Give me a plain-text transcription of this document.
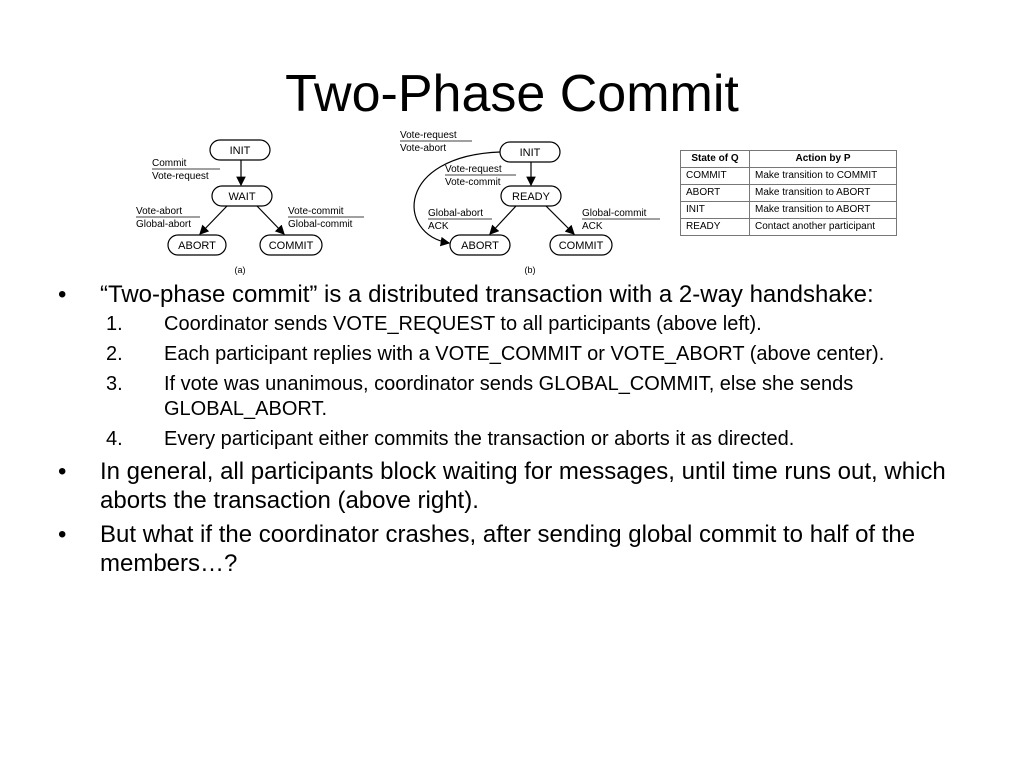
Two-Phase Commit
INIT
WAIT
ABORT	COMMIT
Commit
Vote-request
Vote-abort
Global-abort
Vote-commit
Global-commit
(a)
INIT
READY
ABORT	COMMIT
Vote-request
Vote-abort
Vote-request
Vote-commit
Global-abort
ACK
Global-commit
ACK
(b)
State of Q	Action by P
COMMIT	Make transition to COMMIT
ABORT	Make transition to ABORT
INIT	Make transition to ABORT
READY	Contact another participant
•	“Two-phase commit” is a distributed transaction with a 2-way handshake:
1. Coordinator sends VOTE_REQUEST to all participants (above left).
2. Each participant replies with a VOTE_COMMIT or VOTE_ABORT (above center).
3. If vote was unanimous, coordinator sends GLOBAL_COMMIT, else she sends GLOBAL_ABORT.
4. Every participant either commits the transaction or aborts it as directed.
•	In general, all participants block waiting for messages, until time runs out, which aborts the transaction (above right).
•	But what if the coordinator crashes, after sending global commit to half of the members…?
